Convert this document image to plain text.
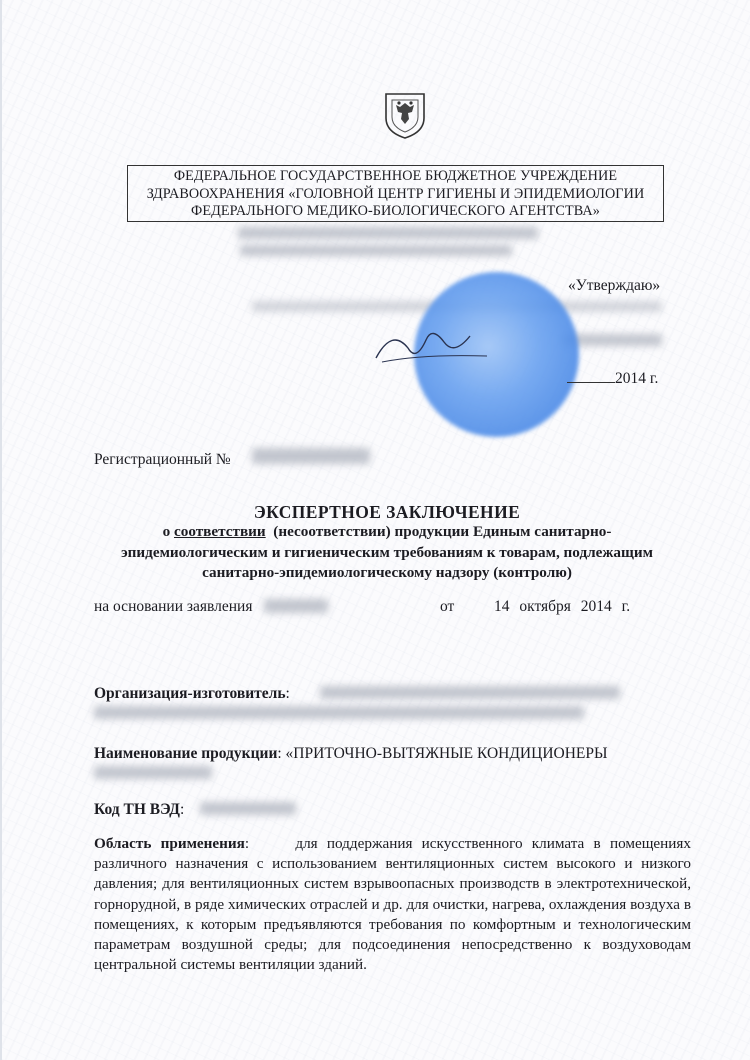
ФЕДЕРАЛЬНОЕ ГОСУДАРСТВЕННОЕ БЮДЖЕТНОЕ УЧРЕЖДЕНИЕ
ЗДРАВООХРАНЕНИЯ «ГОЛОВНОЙ ЦЕНТР ГИГИЕНЫ И ЭПИДЕМИОЛОГИИ
ФЕДЕРАЛЬНОГО МЕДИКО-БИОЛОГИЧЕСКОГО АГЕНТСТВА»
«Утверждаю»
2014 г.
Регистрационный №
ЭКСПЕРТНОЕ ЗАКЛЮЧЕНИЕ
о соответствии (несоответствии) продукции Единым санитарно-
эпидемиологическим и гигиеническим требованиям к товарам, подлежащим
санитарно-эпидемиологическому надзору (контролю)
на основании заявления	от	14 октября 2014 г.
Организация-изготовитель:
Наименование продукции: «ПРИТОЧНО-ВЫТЯЖНЫЕ КОНДИЦИОНЕРЫ
Код ТН ВЭД:
Область применения:	для поддержания искусственного климата в помещениях различного назначения с использованием вентиляционных систем высокого и низкого давления; для вентиляционных систем взрывоопасных производств в электротехнической, горнорудной, в ряде химических отраслей и др. для очистки, нагрева, охлаждения воздуха в помещениях, к которым предъявляются требования по комфортным и технологическим параметрам воздушной среды; для подсоединения непосредственно к воздуховодам центральной системы вентиляции зданий.
